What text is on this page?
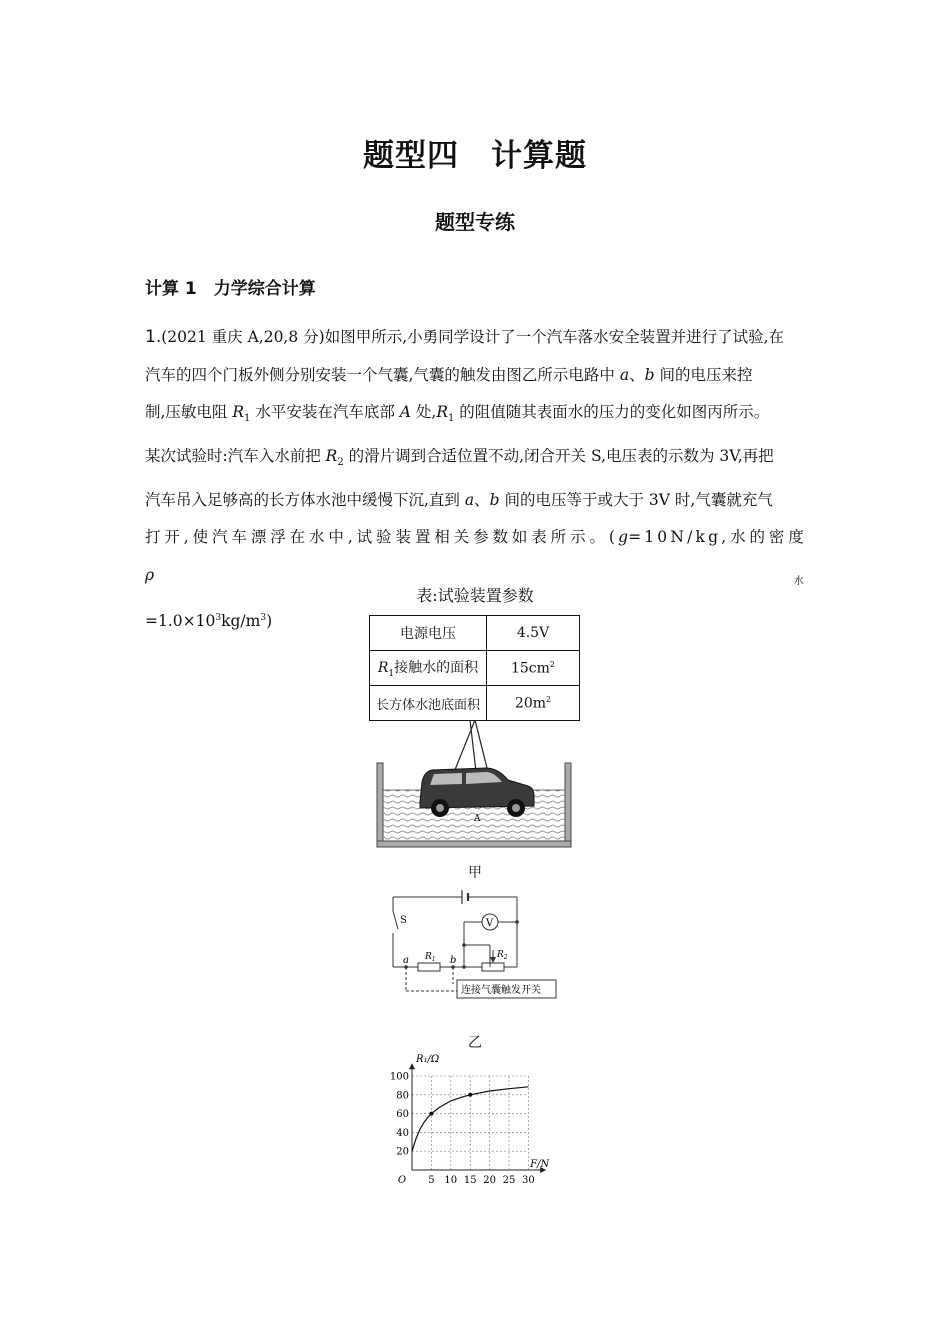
题型四　计算题
题型专练
计算 1　力学综合计算
1.(2021 重庆 A,20,8 分)如图甲所示,小勇同学设计了一个汽车落水安全装置并进行了试验,在
汽车的四个门板外侧分别安装一个气囊,气囊的触发由图乙所示电路中 a、b 间的电压来控
制,压敏电阻 $R_1$ 水平安装在汽车底部 A 处$,R_1$ 的阻值随其表面水的压力的变化如图丙所示。
某次试验时:汽车入水前把 $R_2$ 的滑片调到合适位置不动,闭合开关 S,电压表的示数为 3V,再把
汽车吊入足够高的长方体水池中缓慢下沉,直到 a、b 间的电压等于或大于 3V 时,气囊就充气
打开,使汽车漂浮在水中,试验装置相关参数如表所示。(g=10N/kg,水的密度 $\rho_水$
$=1.0\times 10^3kg/m^3$)
表:试验装置参数
电源电压	4.5V
$R_1$接触水的面积	$15cm^2$
长方体水池底面积	$20m^2$
A
甲
S	V
$R_1$	$R_2$
a	b
连接气囊触发开关
乙
5 10 15 20 25 30
20
40
60
80
100
O
R₁/Ω
F/N
